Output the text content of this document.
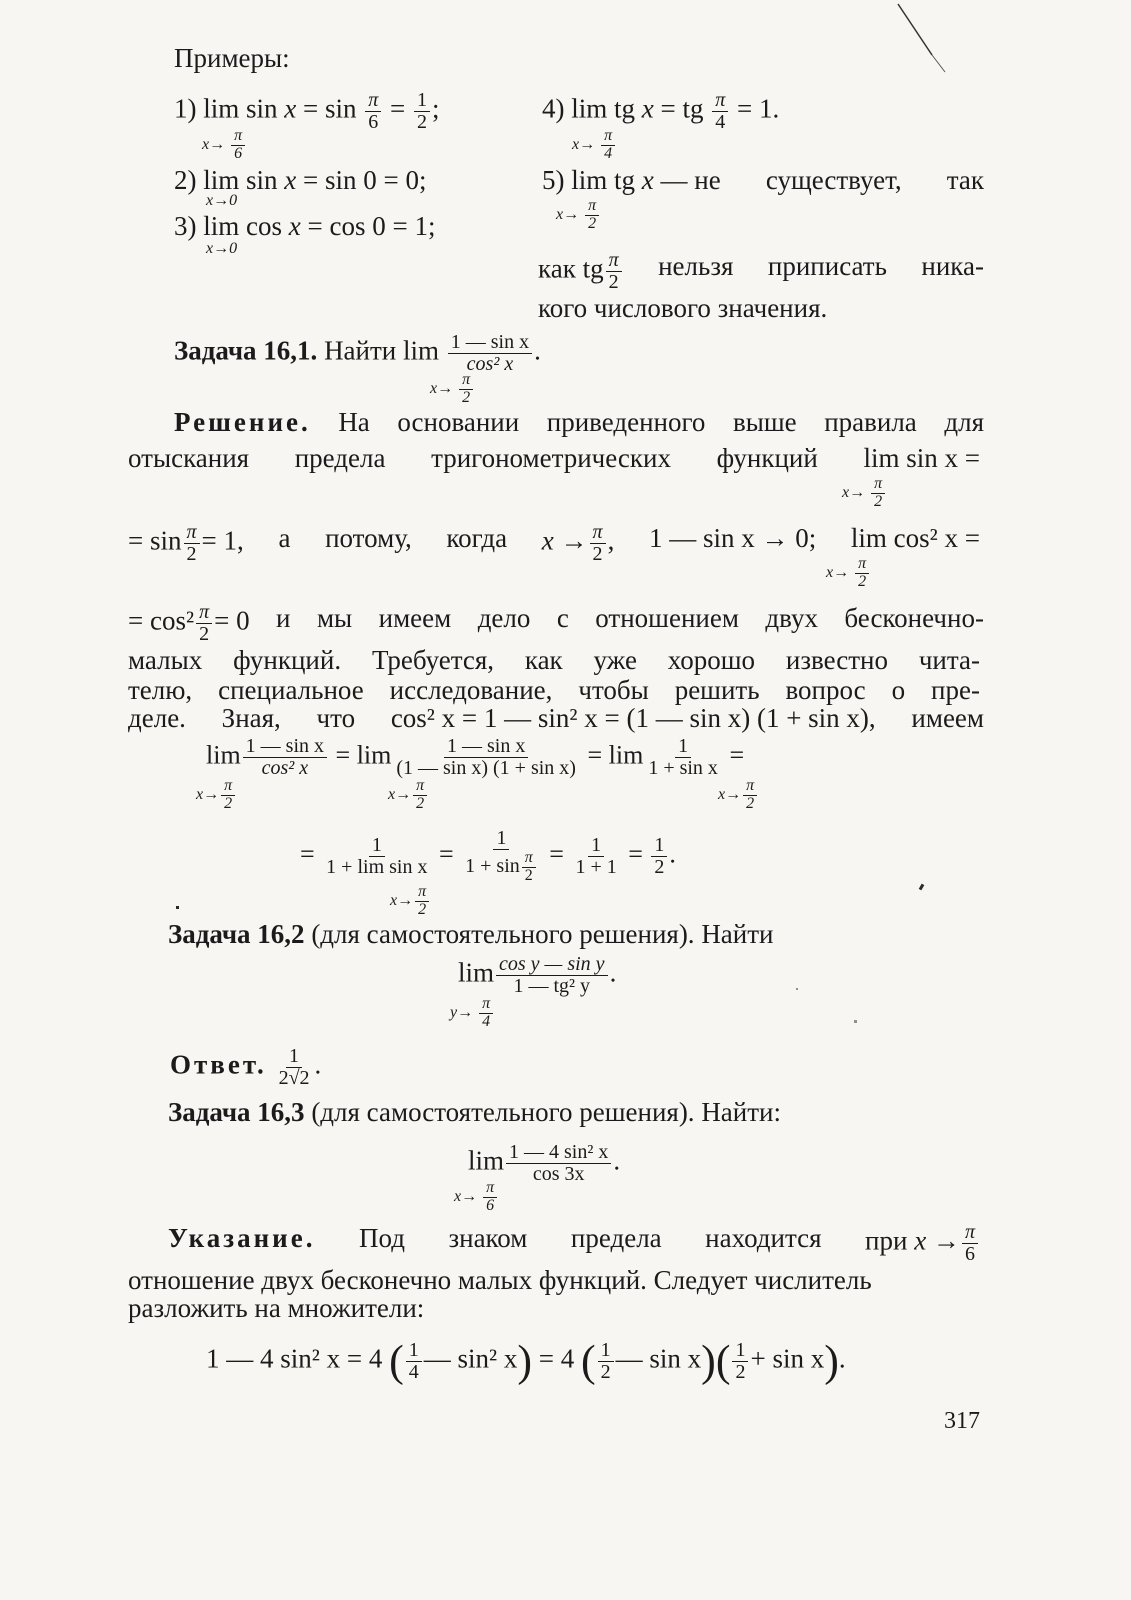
Примеры:
1) $\lim \sin x = \sin \frac{\pi}{6} = \frac{1}{2}$ ;
$x\to \frac{\pi}{6}$
4) lim tg x = tg $\frac{\pi}{4} = 1$.
$x\to \frac{\pi}{4}$
2) lim sin x = sin 0 = 0;
x→0
5) lim tg x — не существует, так
$x\to \frac{\pi}{2}$
3) lim cos x = cos 0 = 1;
x→0
как tg $\frac{\pi}{2}$ нельзя приписать ника-
кого числового значения.
Задача 16,1. Найти $\lim \frac{\text{1 — sin x}}{\text{cos² x}}$ .
$x\to \frac{\pi}{2}$
Решение. На основании приведенного выше правила для
отыскания предела тригонометрических функций lim sin x =
$x\to \frac{\pi}{2}$
= $\sin \frac{\pi}{2} = 1$, а потому, когда $x \to \frac{\pi}{2}$ , 1 — sin x → 0; lim cos² x =
$x\to \frac{\pi}{2}$
= $\cos^2 \frac{\pi}{2} = 0$ и мы имеем дело с отношением двух бесконечно-
малых функций. Требуется, как уже хорошо известно чита-
телю, специальное исследование, чтобы решить вопрос о пре-
деле. Зная, что cos² x = 1 — sin² x = (1 — sin x) (1 + sin x), имеем
$\lim \frac{\text{1 — sin x}}{\text{cos² x}} = \lim \frac{\text{1 — sin x}}{\text{(1 — sin x) (1 + sin x)}} = \lim \frac{1}{\text{1 + sin x}}$ =
$x\to \frac{\pi}{2}$	$x\to \frac{\pi}{2}$	$x\to \frac{\pi}{2}$
= $\frac{1}{\text{1 + lim sin x}} = \frac{1}{1 + \sin \frac{\pi}{2}} = \frac{1}{1 + 1} = \frac{1}{2}$ .
$x\to \frac{\pi}{2}$
Задача 16,2 (для самостоятельного решения). Найти
$\lim \frac{\text{cos y — sin y}}{\text{1 — tg² y}}$ .
$y\to \frac{\pi}{4}$
Ответ. $\frac{1}{2√2}$ .
Задача 16,3 (для самостоятельного решения). Найти:
$\lim \frac{\text{1 — 4 sin² x}}{\cos 3x}$ .
$x\to \frac{\pi}{6}$
Указание. Под знаком предела находится при $x \to \frac{\pi}{6}$
отношение двух бесконечно малых функций. Следует числитель
разложить на множители:
1 — 4 sin² x = 4 ( $\frac{1}{4}$ — sin² x) = 4 ( $\frac{1}{2}$ — $\sin x)( \frac{1}{2} + \sin x)$.
317
